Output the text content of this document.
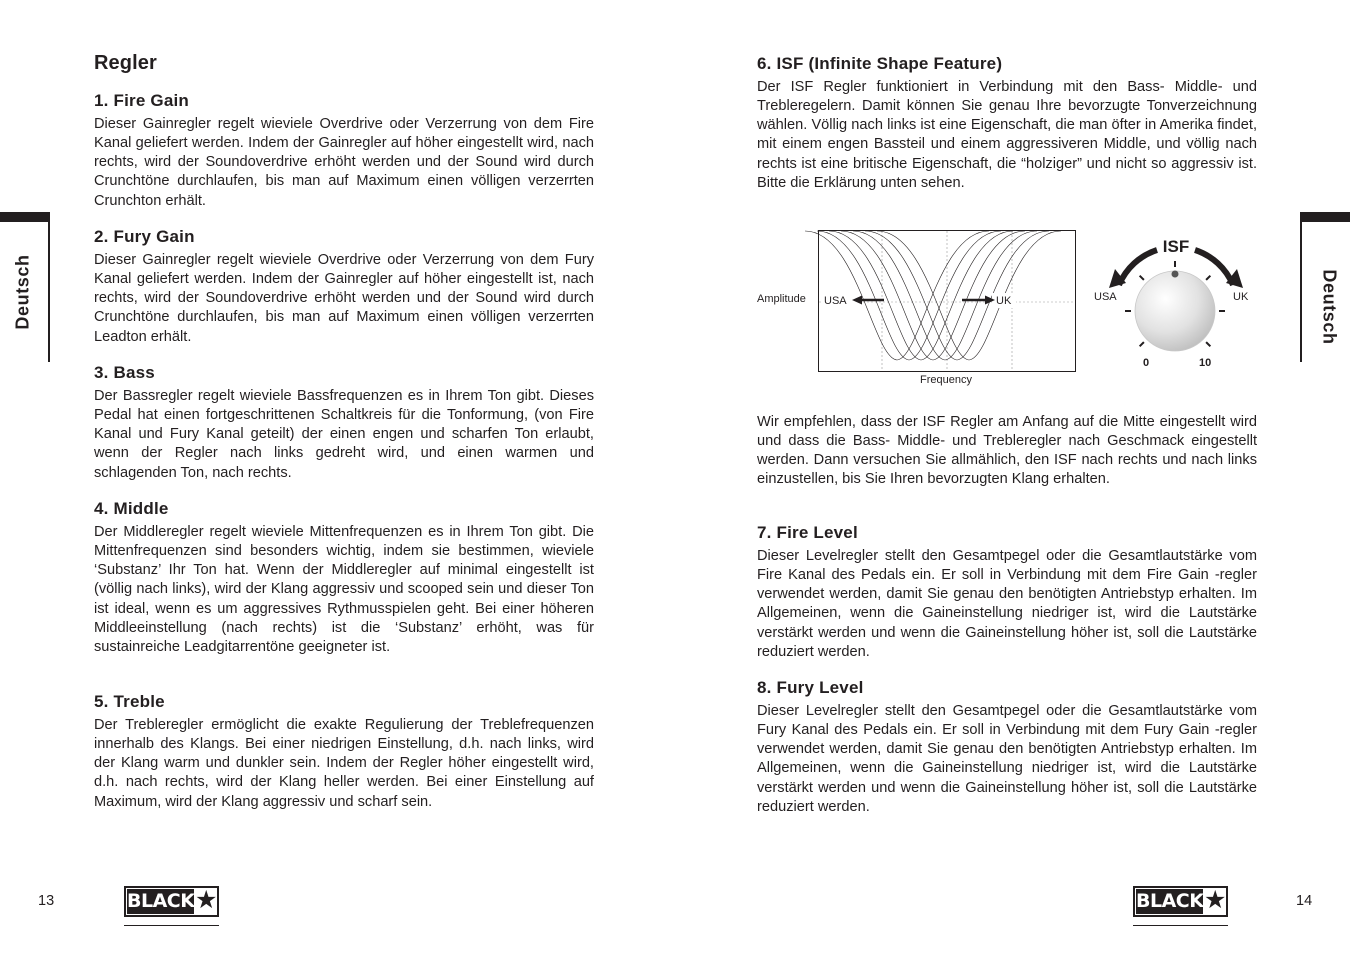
Regler
1. Fire Gain

Dieser Gainregler regelt wieviele Overdrive oder Verzerrung von dem Fire Kanal geliefert werden. Indem der Gainregler auf höher eingestellt wird, nach rechts, wird der Soundoverdrive erhöht werden und der Sound wird durch Crunchtöne durchlaufen, bis man auf Maximum einen völligen verzerrten Crunchton erhält.

2. Fury Gain

Dieser Gainregler regelt wieviele Overdrive oder Verzerrung von dem Fury Kanal geliefert werden. Indem der Gainregler auf höher eingestellt ist, nach rechts, wird der Soundoverdrive erhöht werden und der Sound wird durch Crunchtöne durchlaufen, bis man auf Maximum einen völligen verzerrten Leadton erhält.

3. Bass

Der Bassregler regelt wieviele Bassfrequenzen es in Ihrem Ton gibt. Dieses Pedal hat einen fortgeschrittenen Schaltkreis für die Tonformung, (von Fire Kanal und Fury Kanal geteilt) der einen engen und scharfen Ton erlaubt, wenn der Regler nach links gedreht wird, und einen warmen und schlagenden Ton, nach rechts.

4. Middle

Der Middleregler regelt wieviele Mittenfrequenzen es in Ihrem Ton gibt. Die Mittenfrequenzen sind besonders wichtig, indem sie bestimmen, wieviele ‘Substanz’ Ihr Ton hat. Wenn der Middleregler auf minimal eingestellt ist (völlig nach links), wird der Klang aggressiv und scooped sein und dieser Ton ist ideal, wenn es um aggressives Rythmusspielen geht. Bei einer höheren Middleeinstellung (nach rechts) ist die ‘Substanz’ erhöht, was für sustainreiche Leadgitarrentöne geeigneter ist.

5. Treble

Der Trebleregler ermöglicht die exakte Regulierung der Treblefrequenzen innerhalb des Klangs. Bei einer niedrigen Einstellung, d.h. nach links, wird der Klang warm und dunkler sein. Indem der Regler höher eingestellt wird, d.h. nach rechts, wird der Klang heller werden. Bei einer Einstellung auf Maximum, wird der Klang aggressiv und scharf sein.

6. ISF (Infinite Shape Feature)

Der ISF Regler funktioniert in Verbindung mit den Bass- Middle- und Trebleregelern. Damit können Sie genau Ihre bevorzugte Tonverzeichnung wählen. Völlig nach links ist eine Eigenschaft, die man öfter in Amerika findet, mit einem engen Bassteil und einem aggressiveren Middle, und völlig nach rechts ist eine britische Eigenschaft, die “holziger” und nicht so aggressiv ist. Bitte die Erklärung unten sehen.

Amplitude USA	UK
Frequency
ISF
USA	UK
0	10

Wir empfehlen, dass der ISF Regler am Anfang auf die Mitte eingestellt wird und dass die Bass- Middle- und Trebleregler nach Geschmack eingestellt werden. Dann versuchen Sie allmählich, den ISF nach rechts und nach links einzustellen, bis Sie Ihren bevorzugten Klang erhalten.

7. Fire Level

Dieser Levelregler stellt den Gesamtpegel oder die Gesamtlautstärke vom Fire Kanal des Pedals ein. Er soll in Verbindung mit dem Fire Gain -regler verwendet werden, damit Sie genau den benötigten Antriebstyp erhalten. Im Allgemeinen, wenn die Gaineinstellung niedriger ist, wird die Lautstärke verstärkt werden und wenn die Gaineinstellung höher ist, soll die Lautstärke reduziert werden.

8. Fury Level

Dieser Levelregler stellt den Gesamtpegel oder die Gesamtlautstärke vom Fury Kanal des Pedals ein. Er soll in Verbindung mit dem Fury Gain -regler verwendet werden, damit Sie genau den benötigten Antriebstyp erhalten. Im Allgemeinen, wenn die Gaineinstellung niedriger ist, wird die Lautstärke verstärkt werden und wenn die Gaineinstellung höher ist, soll die Lautstärke reduziert werden.

Deutsch	Deutsch
13	BLACK ★	BLACK ★	14
